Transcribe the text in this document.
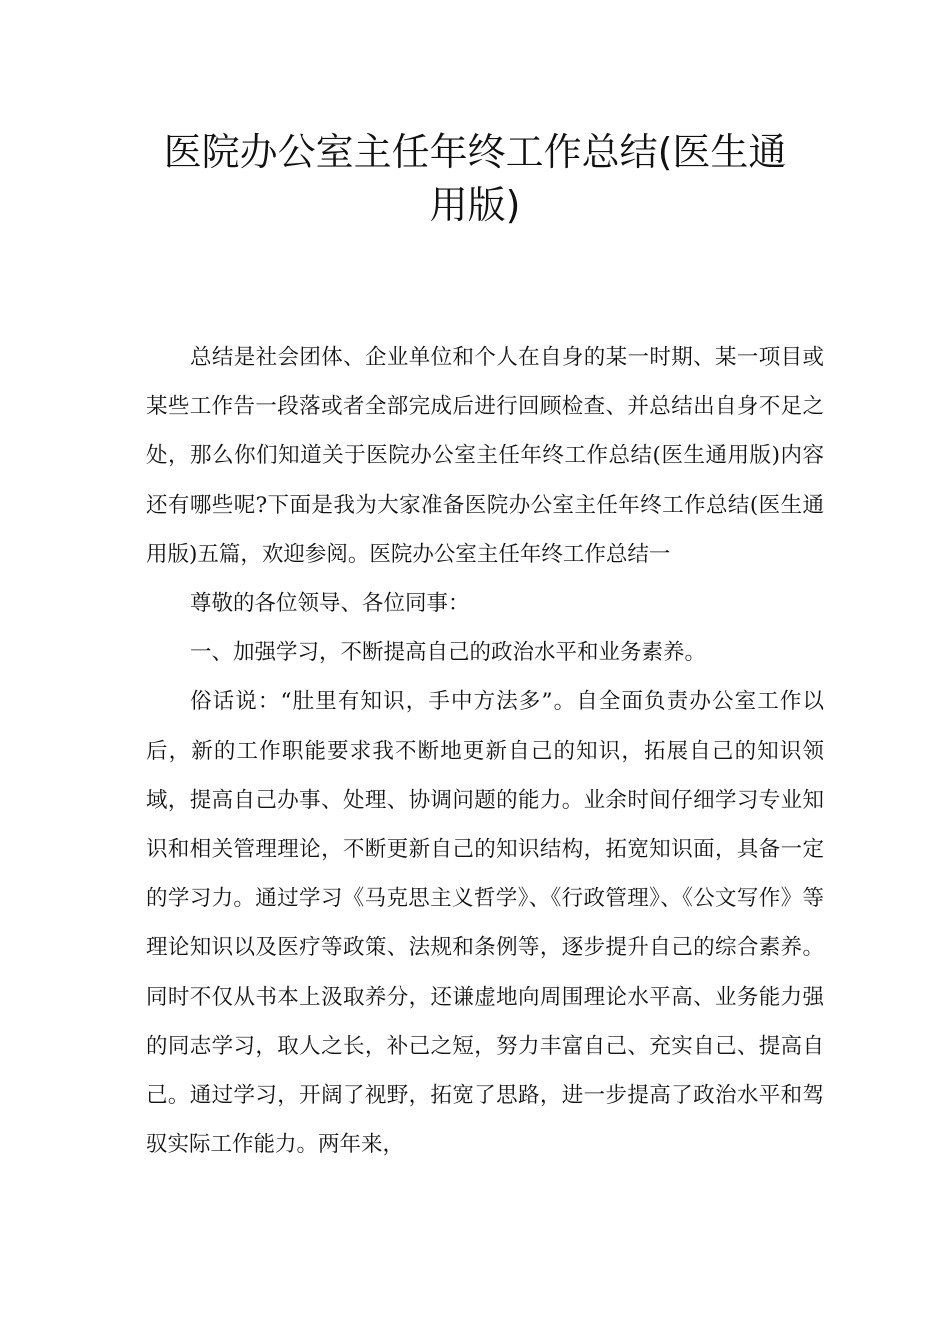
医院办公室主任年终工作总结(医生通用版)

总结是社会团体、企业单位和个人在自身的某一时期、某一项目或某些工作告一段落或者全部完成后进行回顾检查、并总结出自身不足之处，那么你们知道关于医院办公室主任年终工作总结(医生通用版)内容还有哪些呢?下面是我为大家准备医院办公室主任年终工作总结(医生通用版)五篇，欢迎参阅。医院办公室主任年终工作总结一

尊敬的各位领导、各位同事：

一、加强学习，不断提高自己的政治水平和业务素养。

俗话说：“肚里有知识，手中方法多”。自全面负责办公室工作以后，新的工作职能要求我不断地更新自己的知识，拓展自己的知识领域，提高自己办事、处理、协调问题的能力。业余时间仔细学习专业知识和相关管理理论，不断更新自己的知识结构，拓宽知识面，具备一定的学习力。通过学习《马克思主义哲学》、《行政管理》、《公文写作》等理论知识以及医疗等政策、法规和条例等，逐步提升自己的综合素养。同时不仅从书本上汲取养分，还谦虚地向周围理论水平高、业务能力强的同志学习，取人之长，补己之短，努力丰富自己、充实自己、提高自己。通过学习，开阔了视野，拓宽了思路，进一步提高了政治水平和驾驭实际工作能力。两年来，
